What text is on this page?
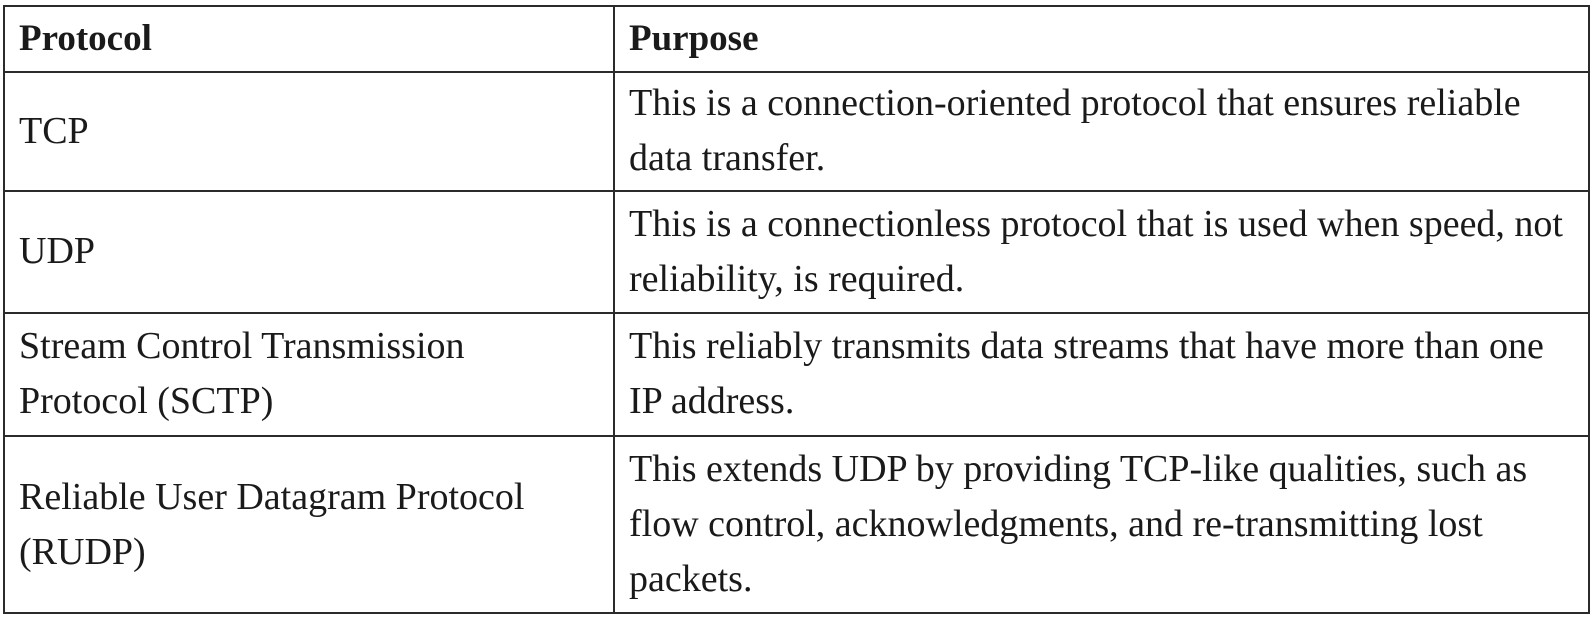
Protocol	Purpose
TCP	This is a connection-oriented protocol that ensures reliable data transfer.
UDP	This is a connectionless protocol that is used when speed, not reliability, is required.
Stream Control Transmission Protocol (SCTP)	This reliably transmits data streams that have more than one IP address.
Reliable User Datagram Protocol (RUDP)	This extends UDP by providing TCP-like qualities, such as flow control, acknowledgments, and re-transmitting lost packets.
